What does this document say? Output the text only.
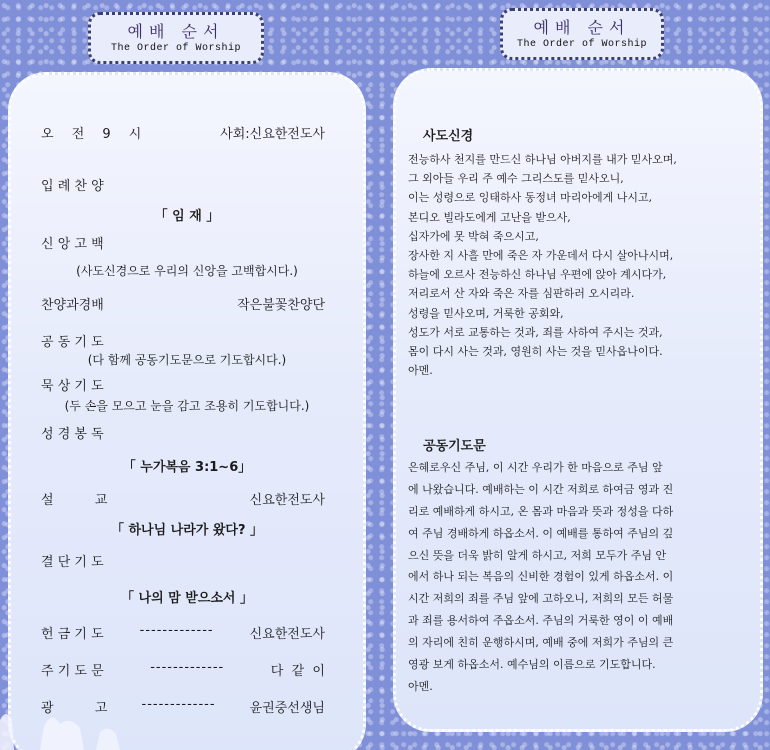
예배 순서
The Order of Worship
예배 순서
The Order of Worship
오 전 9 시	사회:신요한전도사
입 례 찬 양
「 임 재 」
신 앙 고 백
(사도신경으로 우리의 신앙을 고백합시다.)
찬양과경배	작은불꽃찬양단
공 동 기 도
(다 함께 공동기도문으로 기도합시다.)
묵 상 기 도
(두 손을 모으고 눈을 감고 조용히 기도합니다.)
성 경 봉 독
「 누가복음 3:1∼6」
설          교	신요한전도사
「 하나님 나라가 왔다? 」
결 단 기 도
「 나의 맘 받으소서 」
헌 금 기 도	-------------	신요한전도사
주 기 도 문	-------------	다  같  이
광          고	-------------	윤권중선생님
사도신경
전능하사 천지를 만드신 하나님 아버지를 내가 믿사오며,
그 외아들 우리 주 예수 그리스도를 믿사오니,
이는 성령으로 잉태하사 동정녀 마리아에게 나시고,
본디오 빌라도에게 고난을 받으사,
십자가에 못 박혀 죽으시고,
장사한 지 사흘 만에 죽은 자 가운데서 다시 살아나시며,
하늘에 오르사 전능하신 하나님 우편에 앉아 계시다가,
저리로서 산 자와 죽은 자를 심판하러 오시리라.
성령을 믿사오며, 거룩한 공회와,
성도가 서로 교통하는 것과, 죄를 사하여 주시는 것과,
몸이 다시 사는 것과, 영원히 사는 것을 믿사옵나이다.
아멘.
공동기도문
은혜로우신 주님, 이 시간 우리가 한 마음으로 주님 앞
에 나왔습니다. 예배하는 이 시간 저희로 하여금 영과 진
리로 예배하게 하시고, 온 몸과 마음과 뜻과 정성을 다하
여 주님 경배하게 하옵소서. 이 예배를 통하여 주님의 깊
으신 뜻을 더욱 밝히 알게 하시고, 저희 모두가 주님 안
에서 하나 되는 복음의 신비한 경험이 있게 하옵소서. 이
시간 저희의 죄를 주님 앞에 고하오니, 저희의 모든 허물
과 죄를 용서하여 주옵소서. 주님의 거룩한 영이 이 예배
의 자리에 친히 운행하시며, 예배 중에 저희가 주님의 큰
영광 보게 하옵소서. 예수님의 이름으로 기도합니다.
아멘.
